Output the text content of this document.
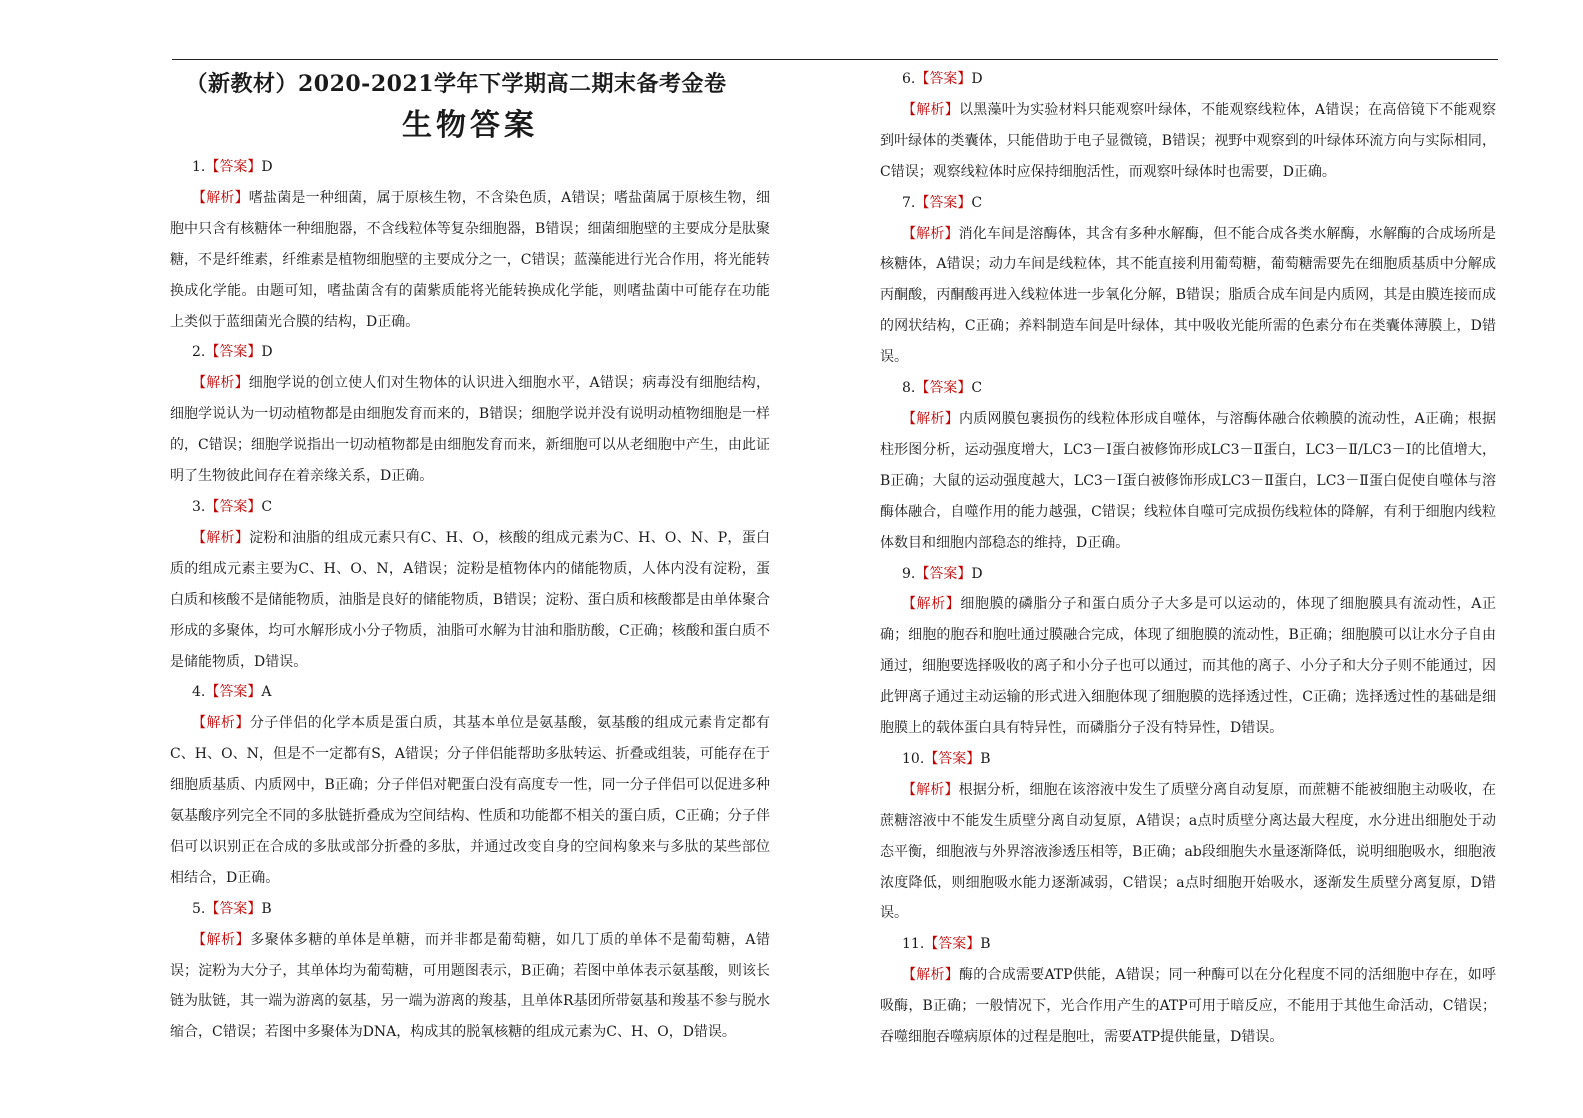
（新教材）2020-2021学年下学期高二期末备考金卷
生物答案
1.【答案】D
【解析】嗜盐菌是一种细菌，属于原核生物，不含染色质，A错误；嗜盐菌属于原核生物，细胞中只含有核糖体一种细胞器，不含线粒体等复杂细胞器，B错误；细菌细胞壁的主要成分是肽聚糖，不是纤维素，纤维素是植物细胞壁的主要成分之一，C错误；蓝藻能进行光合作用，将光能转换成化学能。由题可知，嗜盐菌含有的菌紫质能将光能转换成化学能，则嗜盐菌中可能存在功能上类似于蓝细菌光合膜的结构，D正确。
2.【答案】D
【解析】细胞学说的创立使人们对生物体的认识进入细胞水平，A错误；病毒没有细胞结构，细胞学说认为一切动植物都是由细胞发育而来的，B错误；细胞学说并没有说明动植物细胞是一样的，C错误；细胞学说指出一切动植物都是由细胞发育而来，新细胞可以从老细胞中产生，由此证明了生物彼此间存在着亲缘关系，D正确。
3.【答案】C
【解析】淀粉和油脂的组成元素只有C、H、O，核酸的组成元素为C、H、O、N、P，蛋白质的组成元素主要为C、H、O、N，A错误；淀粉是植物体内的储能物质，人体内没有淀粉，蛋白质和核酸不是储能物质，油脂是良好的储能物质，B错误；淀粉、蛋白质和核酸都是由单体聚合形成的多聚体，均可水解形成小分子物质，油脂可水解为甘油和脂肪酸，C正确；核酸和蛋白质不是储能物质，D错误。
4.【答案】A
【解析】分子伴侣的化学本质是蛋白质，其基本单位是氨基酸，氨基酸的组成元素肯定都有C、H、O、N，但是不一定都有S，A错误；分子伴侣能帮助多肽转运、折叠或组装，可能存在于细胞质基质、内质网中，B正确；分子伴侣对靶蛋白没有高度专一性，同一分子伴侣可以促进多种氨基酸序列完全不同的多肽链折叠成为空间结构、性质和功能都不相关的蛋白质，C正确；分子伴侣可以识别正在合成的多肽或部分折叠的多肽，并通过改变自身的空间构象来与多肽的某些部位相结合，D正确。
5.【答案】B
【解析】多聚体多糖的单体是单糖，而并非都是葡萄糖，如几丁质的单体不是葡萄糖，A错误；淀粉为大分子，其单体均为葡萄糖，可用题图表示，B正确；若图中单体表示氨基酸，则该长链为肽链，其一端为游离的氨基，另一端为游离的羧基，且单体R基团所带氨基和羧基不参与脱水缩合，C错误；若图中多聚体为DNA，构成其的脱氧核糖的组成元素为C、H、O，D错误。
6.【答案】D
【解析】以黑藻叶为实验材料只能观察叶绿体，不能观察线粒体，A错误；在高倍镜下不能观察到叶绿体的类囊体，只能借助于电子显微镜，B错误；视野中观察到的叶绿体环流方向与实际相同，C错误；观察线粒体时应保持细胞活性，而观察叶绿体时也需要，D正确。
7.【答案】C
【解析】消化车间是溶酶体，其含有多种水解酶，但不能合成各类水解酶，水解酶的合成场所是核糖体，A错误；动力车间是线粒体，其不能直接利用葡萄糖，葡萄糖需要先在细胞质基质中分解成丙酮酸，丙酮酸再进入线粒体进一步氧化分解，B错误；脂质合成车间是内质网，其是由膜连接而成的网状结构，C正确；养料制造车间是叶绿体，其中吸收光能所需的色素分布在类囊体薄膜上，D错误。
8.【答案】C
【解析】内质网膜包裹损伤的线粒体形成自噬体，与溶酶体融合依赖膜的流动性，A正确；根据柱形图分析，运动强度增大，LC3－Ⅰ蛋白被修饰形成LC3－Ⅱ蛋白，LC3－Ⅱ/LC3－Ⅰ的比值增大，B正确；大鼠的运动强度越大，LC3－Ⅰ蛋白被修饰形成LC3－Ⅱ蛋白，LC3－Ⅱ蛋白促使自噬体与溶酶体融合，自噬作用的能力越强，C错误；线粒体自噬可完成损伤线粒体的降解，有利于细胞内线粒体数目和细胞内部稳态的维持，D正确。
9.【答案】D
【解析】细胞膜的磷脂分子和蛋白质分子大多是可以运动的，体现了细胞膜具有流动性，A正确；细胞的胞吞和胞吐通过膜融合完成，体现了细胞膜的流动性，B正确；细胞膜可以让水分子自由通过，细胞要选择吸收的离子和小分子也可以通过，而其他的离子、小分子和大分子则不能通过，因此钾离子通过主动运输的形式进入细胞体现了细胞膜的选择透过性，C正确；选择透过性的基础是细胞膜上的载体蛋白具有特异性，而磷脂分子没有特异性，D错误。
10.【答案】B
【解析】根据分析，细胞在该溶液中发生了质壁分离自动复原，而蔗糖不能被细胞主动吸收，在蔗糖溶液中不能发生质壁分离自动复原，A错误；a点时质壁分离达最大程度，水分进出细胞处于动态平衡，细胞液与外界溶液渗透压相等，B正确；ab段细胞失水量逐渐降低，说明细胞吸水，细胞液浓度降低，则细胞吸水能力逐渐减弱，C错误；a点时细胞开始吸水，逐渐发生质壁分离复原，D错误。
11.【答案】B
【解析】酶的合成需要ATP供能，A错误；同一种酶可以在分化程度不同的活细胞中存在，如呼吸酶，B正确；一般情况下，光合作用产生的ATP可用于暗反应，不能用于其他生命活动，C错误；吞噬细胞吞噬病原体的过程是胞吐，需要ATP提供能量，D错误。
